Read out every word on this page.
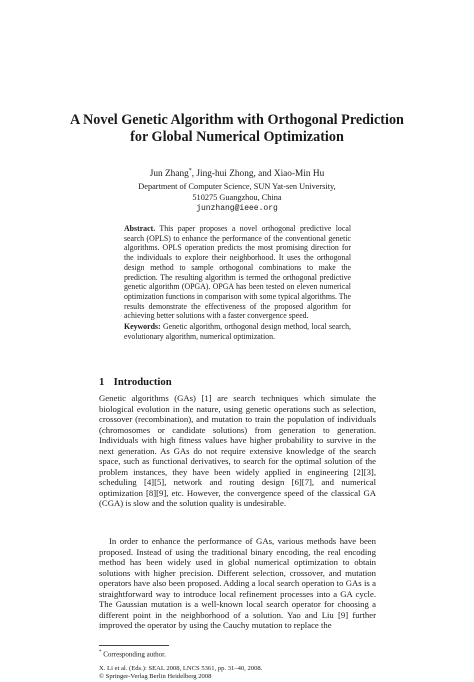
A Novel Genetic Algorithm with Orthogonal Prediction
for Global Numerical Optimization
Jun Zhang*, Jing-hui Zhong, and Xiao-Min Hu
Department of Computer Science, SUN Yat-sen University,
510275 Guangzhou, China
junzhang@ieee.org
Abstract. This paper proposes a novel orthogonal predictive local search (OPLS) to enhance the performance of the conventional genetic algorithms. OPLS operation predicts the most promising direction for the individuals to explore their neighborhood. It uses the orthogonal design method to sample orthogonal combinations to make the prediction. The resulting algorithm is termed the orthogonal predictive genetic algorithm (OPGA). OPGA has been tested on eleven numerical optimization functions in comparison with some typical algorithms. The results demonstrate the effectiveness of the proposed algorithm for achieving better solutions with a faster convergence speed.
Keywords: Genetic algorithm, orthogonal design method, local search, evolutionary algorithm, numerical optimization.
1 Introduction

Genetic algorithms (GAs) [1] are search techniques which simulate the biological evolution in the nature, using genetic operations such as selection, crossover (recombination), and mutation to train the population of individuals (chromosomes or candidate solutions) from generation to generation. Individuals with high fitness values have higher probability to survive in the next generation. As GAs do not require extensive knowledge of the search space, such as functional derivatives, to search for the optimal solution of the problem instances, they have been widely applied in engineering [2][3], scheduling [4][5], network and routing design [6][7], and numerical optimization [8][9], etc. However, the convergence speed of the classical GA (CGA) is slow and the solution quality is undesirable.

In order to enhance the performance of GAs, various methods have been proposed. Instead of using the traditional binary encoding, the real encoding method has been widely used in global numerical optimization to obtain solutions with higher precision. Different selection, crossover, and mutation operators have also been proposed. Adding a local search operation to GAs is a straightforward way to introduce local refinement processes into a GA cycle. The Gaussian mutation is a well-known local search operator for choosing a different point in the neighborhood of a solution. Yao and Liu [9] further improved the operator by using the Cauchy mutation to replace the

* Corresponding author.
X. Li et al. (Eds.): SEAL 2008, LNCS 5361, pp. 31–40, 2008.
© Springer-Verlag Berlin Heidelberg 2008
